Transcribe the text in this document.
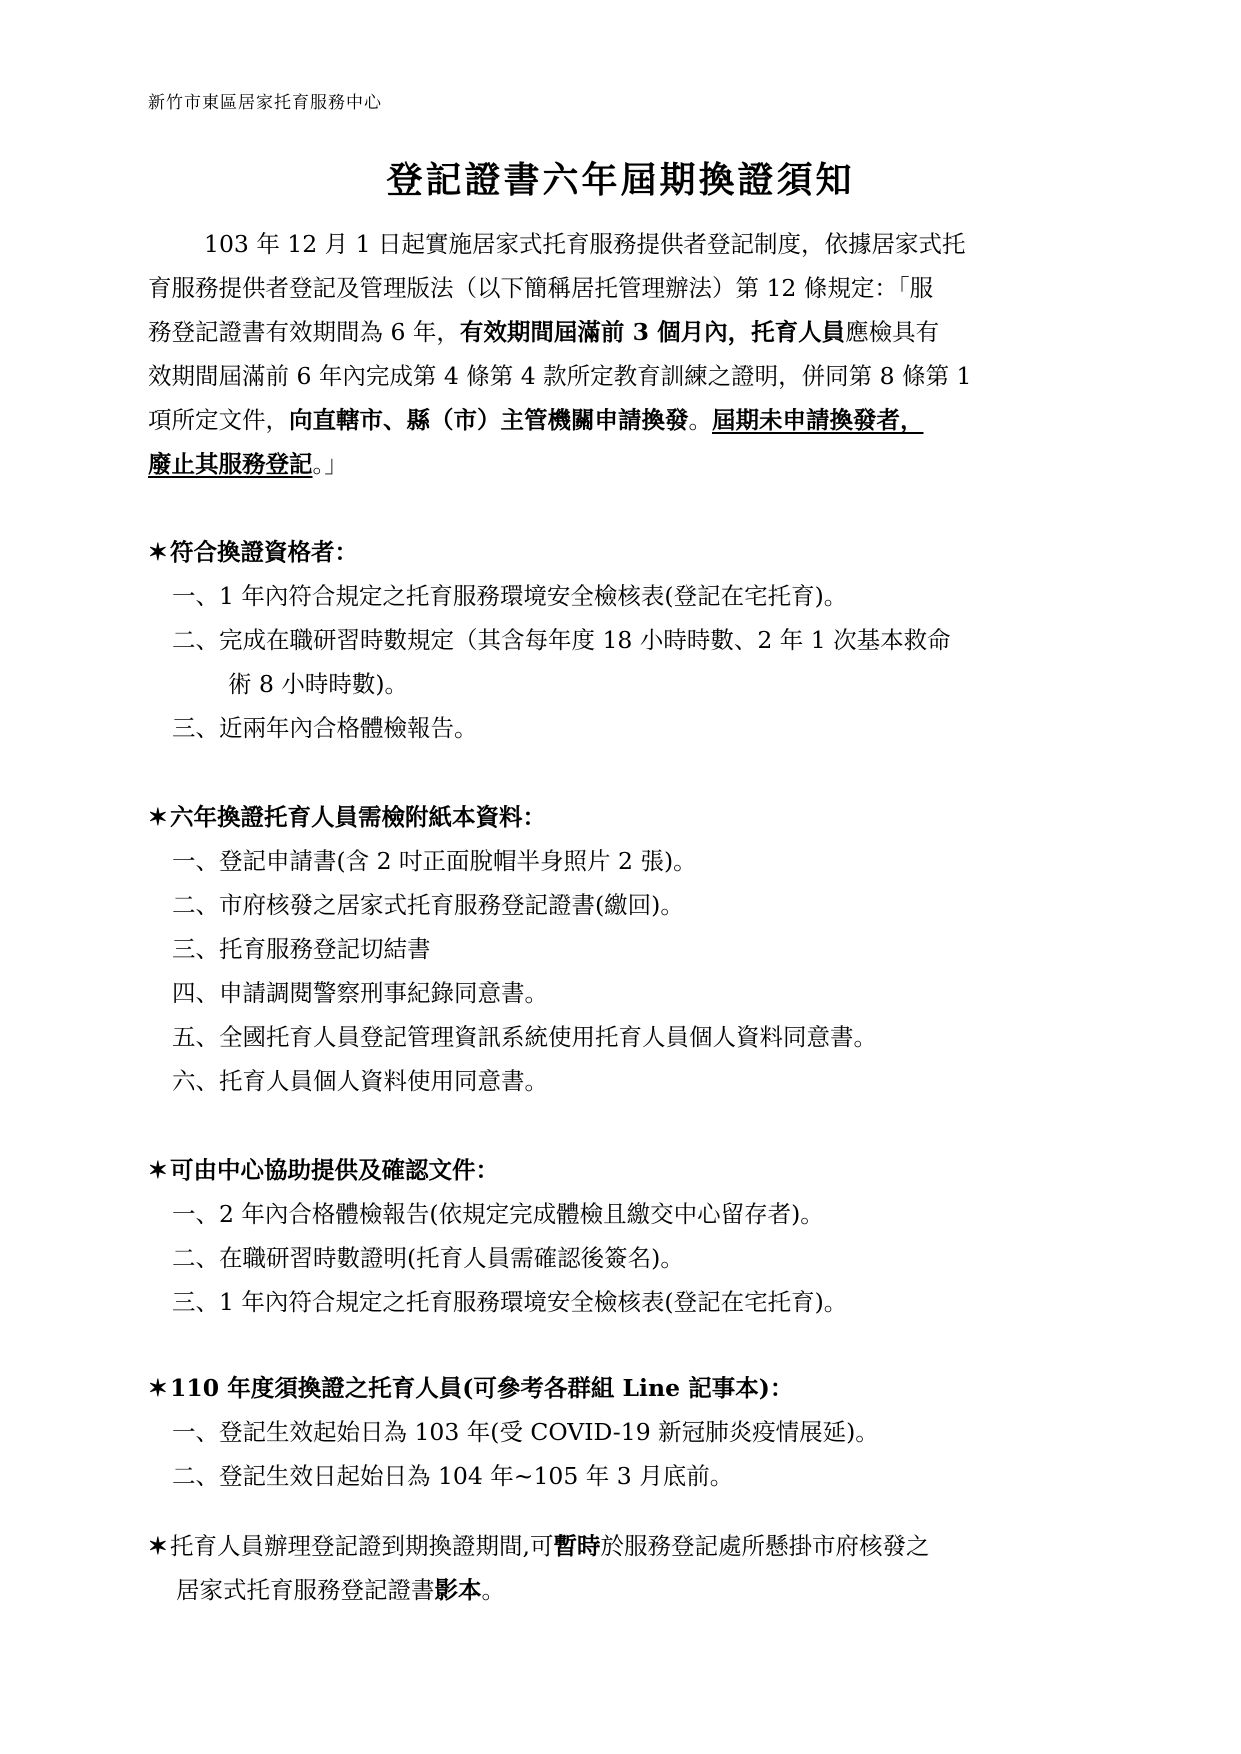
新竹市東區居家托育服務中心
登記證書六年屆期換證須知
103 年 12 月 1 日起實施居家式托育服務提供者登記制度，依據居家式托
育服務提供者登記及管理版法（以下簡稱居托管理辦法）第 12 條規定：「服
務登記證書有效期間為 6 年，有效期間屆滿前 3 個月內，托育人員應檢具有
效期間屆滿前 6 年內完成第 4 條第 4 款所定教育訓練之證明，併同第 8 條第 1
項所定文件，向直轄市、縣（市）主管機關申請換發。屆期未申請換發者，
廢止其服務登記。」
✶符合換證資格者：
一、1 年內符合規定之托育服務環境安全檢核表(登記在宅托育)。
二、完成在職研習時數規定（其含每年度 18 小時時數、2 年 1 次基本救命
術 8 小時時數)。
三、近兩年內合格體檢報告。
✶六年換證托育人員需檢附紙本資料：
一、登記申請書(含 2 吋正面脫帽半身照片 2 張)。
二、市府核發之居家式托育服務登記證書(繳回)。
三、托育服務登記切結書
四、申請調閱警察刑事紀錄同意書。
五、全國托育人員登記管理資訊系統使用托育人員個人資料同意書。
六、托育人員個人資料使用同意書。
✶可由中心協助提供及確認文件：
一、2 年內合格體檢報告(依規定完成體檢且繳交中心留存者)。
二、在職研習時數證明(托育人員需確認後簽名)。
三、1 年內符合規定之托育服務環境安全檢核表(登記在宅托育)。
✶110 年度須換證之托育人員(可參考各群組 Line 記事本)：
一、登記生效起始日為 103 年(受 COVID-19 新冠肺炎疫情展延)。
二、登記生效日起始日為 104 年~105 年 3 月底前。
✶托育人員辦理登記證到期換證期間,可暫時於服務登記處所懸掛市府核發之
居家式托育服務登記證書影本。
